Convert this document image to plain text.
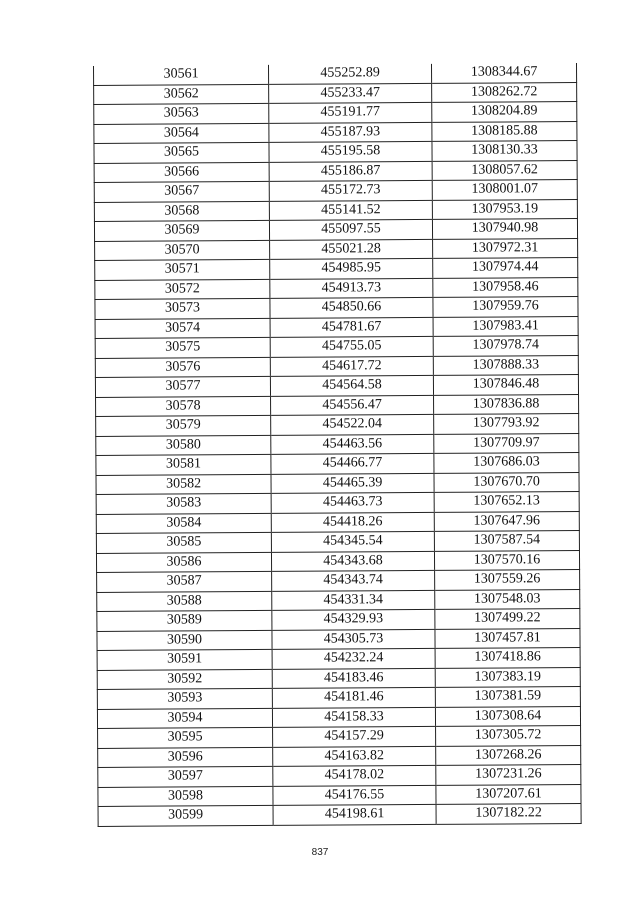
30561	455252.89	1308344.67
30562	455233.47	1308262.72
30563	455191.77	1308204.89
30564	455187.93	1308185.88
30565	455195.58	1308130.33
30566	455186.87	1308057.62
30567	455172.73	1308001.07
30568	455141.52	1307953.19
30569	455097.55	1307940.98
30570	455021.28	1307972.31
30571	454985.95	1307974.44
30572	454913.73	1307958.46
30573	454850.66	1307959.76
30574	454781.67	1307983.41
30575	454755.05	1307978.74
30576	454617.72	1307888.33
30577	454564.58	1307846.48
30578	454556.47	1307836.88
30579	454522.04	1307793.92
30580	454463.56	1307709.97
30581	454466.77	1307686.03
30582	454465.39	1307670.70
30583	454463.73	1307652.13
30584	454418.26	1307647.96
30585	454345.54	1307587.54
30586	454343.68	1307570.16
30587	454343.74	1307559.26
30588	454331.34	1307548.03
30589	454329.93	1307499.22
30590	454305.73	1307457.81
30591	454232.24	1307418.86
30592	454183.46	1307383.19
30593	454181.46	1307381.59
30594	454158.33	1307308.64
30595	454157.29	1307305.72
30596	454163.82	1307268.26
30597	454178.02	1307231.26
30598	454176.55	1307207.61
30599	454198.61	1307182.22
837
